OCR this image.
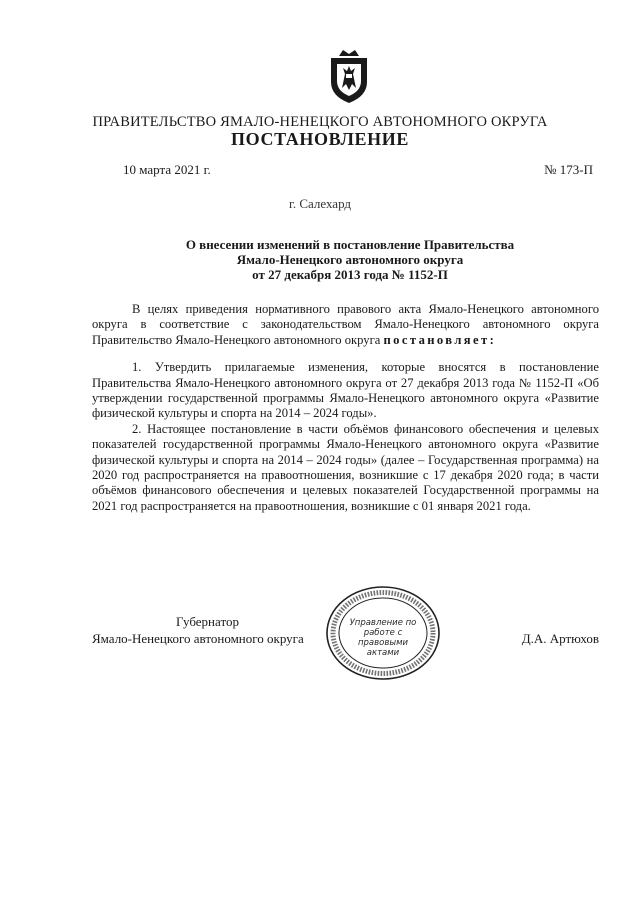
ПРАВИТЕЛЬСТВО ЯМАЛО-НЕНЕЦКОГО АВТОНОМНОГО ОКРУГА
ПОСТАНОВЛЕНИЕ
10 марта 2021 г.	№ 173-П
г. Салехард
О внесении изменений в постановление Правительства
Ямало-Ненецкого автономного округа
от 27 декабря 2013 года № 1152-П

В целях приведения нормативного правового акта Ямало-Ненецкого автономного округа в соответствие с законодательством Ямало-Ненецкого автономного округа Правительство Ямало-Ненецкого автономного округа постановляет:

1. Утвердить прилагаемые изменения, которые вносятся в постановление Правительства Ямало-Ненецкого автономного округа от 27 декабря 2013 года № 1152-П «Об утверждении государственной программы Ямало-Ненецкого автономного округа «Развитие физической культуры и спорта на 2014 – 2024 годы».

2. Настоящее постановление в части объёмов финансового обеспечения и целевых показателей государственной программы Ямало-Ненецкого автономного округа «Развитие физической культуры и спорта на 2014 – 2024 годы» (далее – Государственная программа) на 2020 год распространяется на правоотношения, возникшие с 17 декабря 2020 года; в части объёмов финансового обеспечения и целевых показателей Государственной программы на 2021 год распространяется на правоотношения, возникшие с 01 января 2021 года.

Губернатор
Ямало-Ненецкого автономного округа	Д.А. Артюхов
Управление по работе с правовыми актами
